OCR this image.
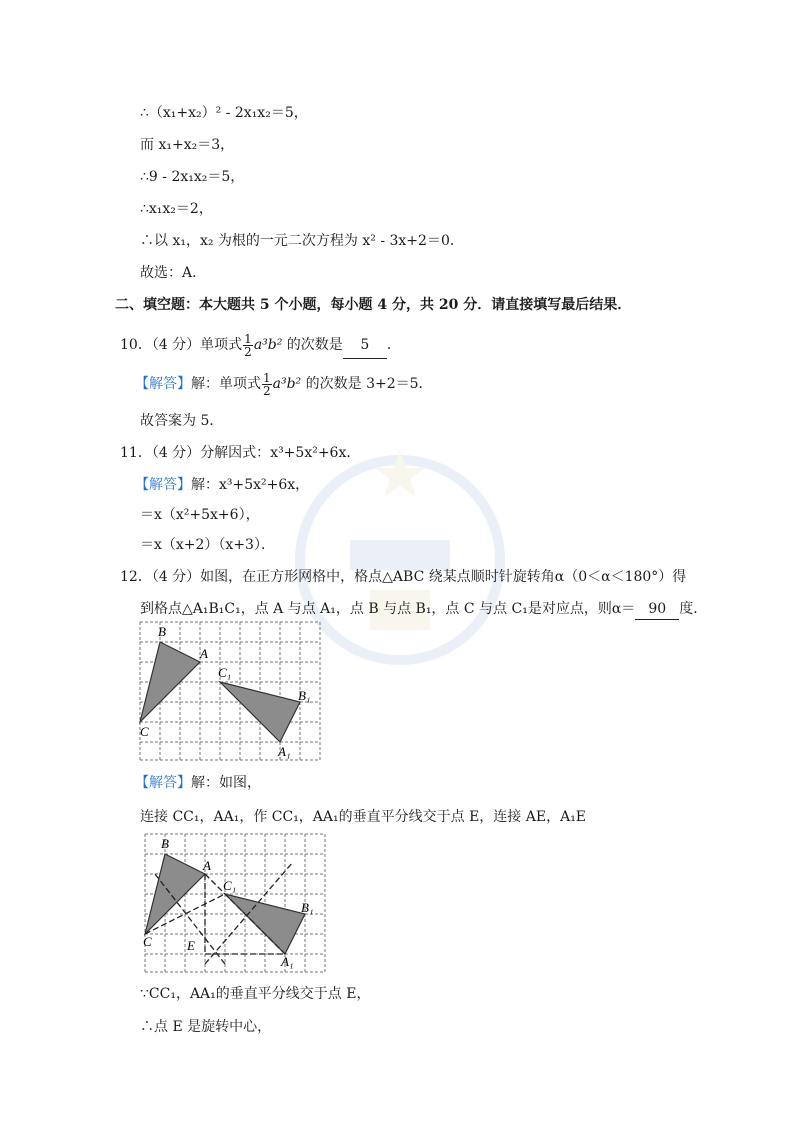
∴（x₁+x₂）² - 2x₁x₂＝5，
而 x₁+x₂＝3，
∴9 - 2x₁x₂＝5，
∴x₁x₂＝2，
∴以 x₁，x₂ 为根的一元二次方程为 x² - 3x+2＝0．
故选：A．
二、填空题：本大题共 5 个小题，每小题 4 分，共 20 分．请直接填写最后结果．
10．（4 分）单项式 $\frac{1}{2} a^3b^2$ 的次数是 5 ．
【解答】解：单项式 $\frac{1}{2} a^3b^2$ 的次数是 3+2＝5．
故答案为 5．
11．（4 分）分解因式：x³+5x²+6x．
【解答】解：x³+5x²+6x，
＝x（x²+5x+6），
＝x（x+2）（x+3）．
12．（4 分）如图，在正方形网格中，格点△ABC 绕某点顺时针旋转角α（0＜α＜180°）得
到格点△A₁B₁C₁，点 A 与点 A₁，点 B 与点 B₁，点 C 与点 C₁是对应点，则α＝ 90 度．
B
A
C
C₁
B₁
A₁
【解答】解：如图，
连接 CC₁，AA₁，作 CC₁，AA₁的垂直平分线交于点 E，连接 AE，A₁E
B
A
C
C₁
B₁
A₁
E
∵CC₁，AA₁的垂直平分线交于点 E，
∴点 E 是旋转中心，
